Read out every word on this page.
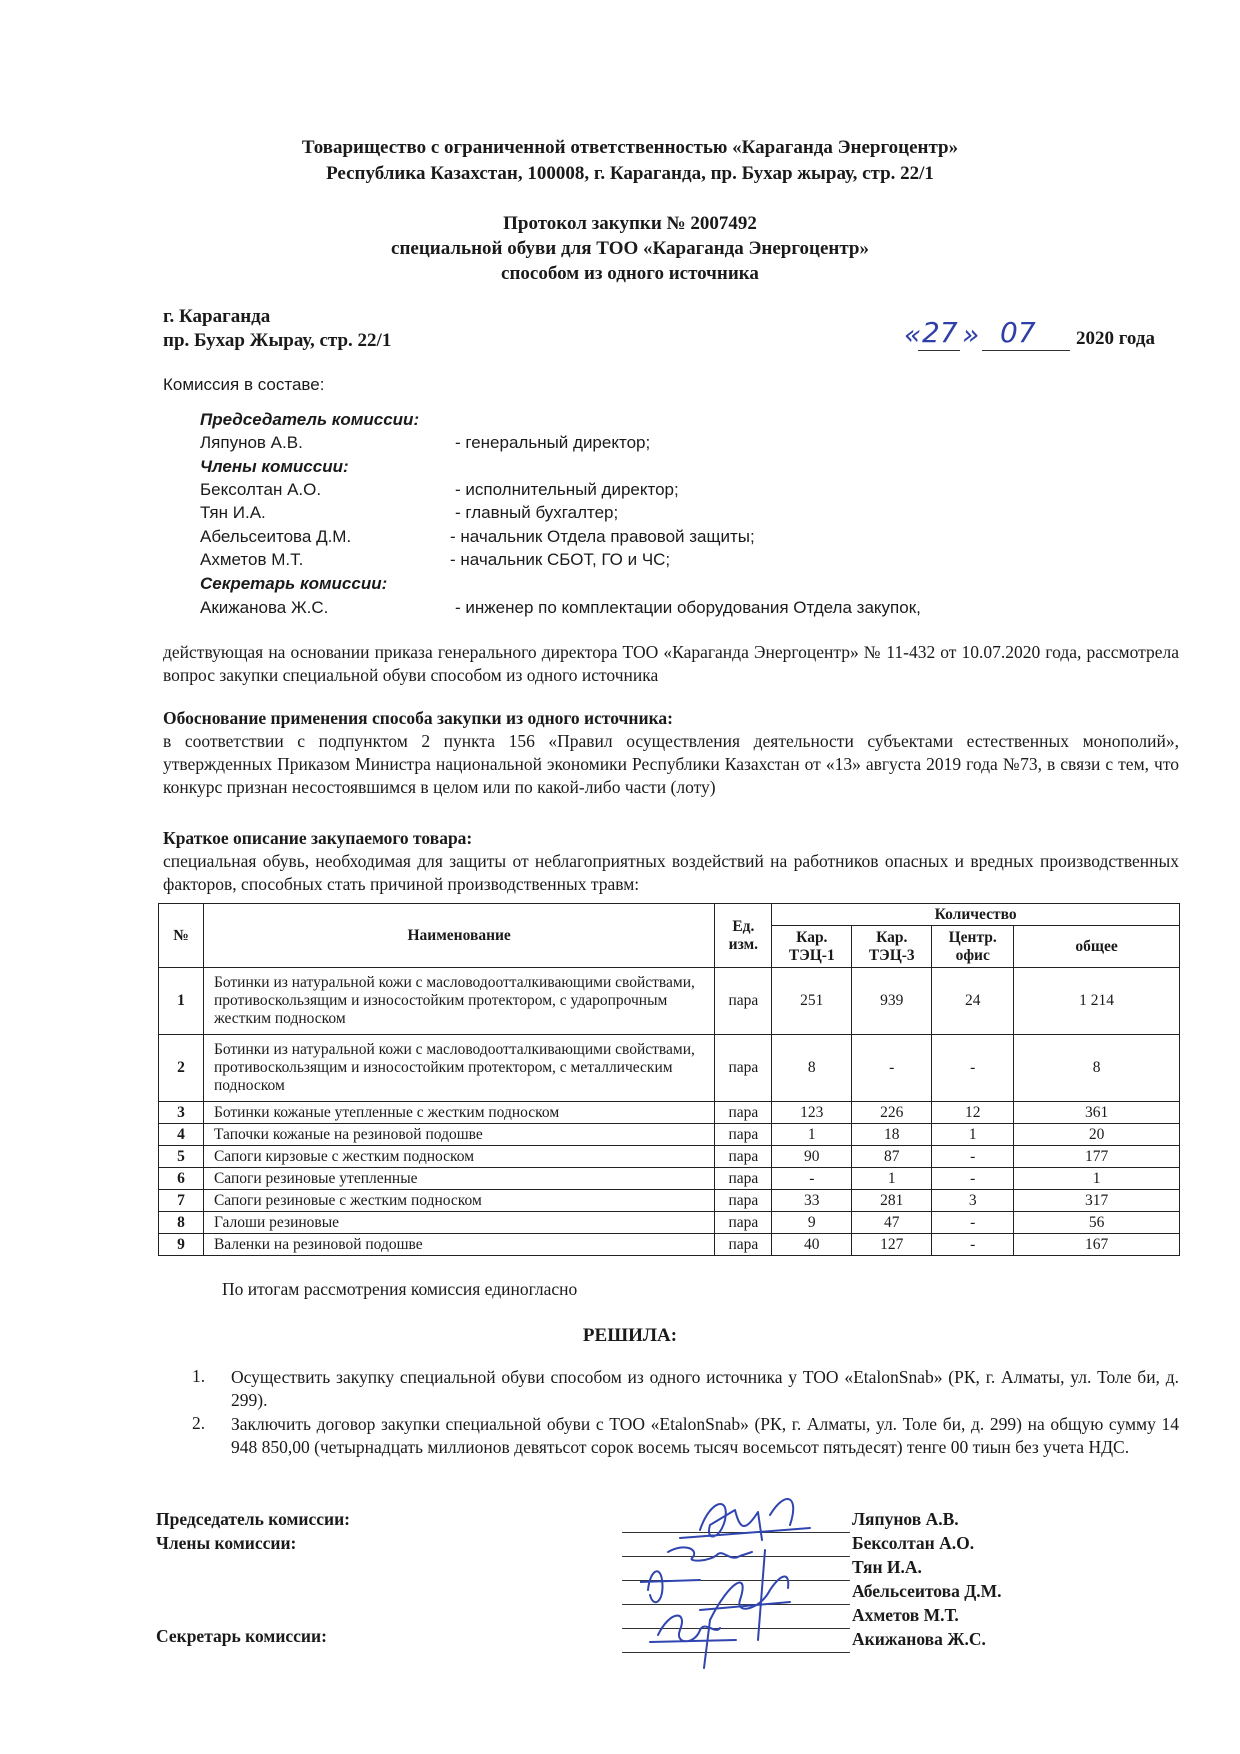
Товарищество с ограниченной ответственностью «Караганда Энергоцентр»
Республика Казахстан, 100008, г. Караганда, пр. Бухар жырау, стр. 22/1
Протокол закупки № 2007492
специальной обуви для ТОО «Караганда Энергоцентр»
способом из одного источника
г. Караганда
пр. Бухар Жырау, стр. 22/1	« 27 » 07 2020 года
Комиссия в составе:
Председатель комиссии:
Ляпунов А.В.	- генеральный директор;
Члены комиссии:
Бексолтан А.О.	- исполнительный директор;
Тян И.А.	- главный бухгалтер;
Абельсеитова Д.М.	- начальник Отдела правовой защиты;
Ахметов М.Т.	- начальник СБОТ, ГО и ЧС;
Секретарь комиссии:
Акижанова Ж.С.	- инженер по комплектации оборудования Отдела закупок,
действующая на основании приказа генерального директора ТОО «Караганда Энергоцентр» № 11-432 от 10.07.2020 года, рассмотрела вопрос закупки специальной обуви способом из одного источника
Обоснование применения способа закупки из одного источника:
в соответствии с подпунктом 2 пункта 156 «Правил осуществления деятельности субъектами естественных монополий», утвержденных Приказом Министра национальной экономики Республики Казахстан от «13» августа 2019 года №73, в связи с тем, что конкурс признан несостоявшимся в целом или по какой-либо части (лоту)
Краткое описание закупаемого товара:
специальная обувь, необходимая для защиты от неблагоприятных воздействий на работников опасных и вредных производственных факторов, способных стать причиной производственных травм:
№	Наименование	Ед. изм.	Количество			
			Кар. ТЭЦ-1	Кар. ТЭЦ-3	Центр. офис	общее
1	Ботинки из натуральной кожи с масловодоотталкивающими свойствами, противоскользящим и износостойким протектором, с ударопрочным жестким подноском	пара	251	939	24	1 214
2	Ботинки из натуральной кожи с масловодоотталкивающими свойствами, противоскользящим и износостойким протектором, с металлическим подноском	пара	8	-	-	8
3	Ботинки кожаные утепленные с жестким подноском	пара	123	226	12	361
4	Тапочки кожаные на резиновой подошве	пара	1	18	1	20
5	Сапоги кирзовые с жестким подноском	пара	90	87	-	177
6	Сапоги резиновые утепленные	пара	-	1	-	1
7	Сапоги резиновые с жестким подноском	пара	33	281	3	317
8	Галоши резиновые	пара	9	47	-	56
9	Валенки на резиновой подошве	пара	40	127	-	167
По итогам рассмотрения комиссия единогласно
РЕШИЛА:
1. Осуществить закупку специальной обуви способом из одного источника у ТОО «EtalonSnab» (РК, г. Алматы, ул. Толе би, д. 299).
2. Заключить договор закупки специальной обуви с ТОО «EtalonSnab» (РК, г. Алматы, ул. Толе би, д. 299) на общую сумму 14 948 850,00 (четырнадцать миллионов девятьсот сорок восемь тысяч восемьсот пятьдесят) тенге 00 тиын без учета НДС.
Председатель комиссии:
Члены комиссии:
Секретарь комиссии:
Ляпунов А.В.
Бексолтан А.О.
Тян И.А.
Абельсеитова Д.М.
Ахметов М.Т.
Акижанова Ж.С.
